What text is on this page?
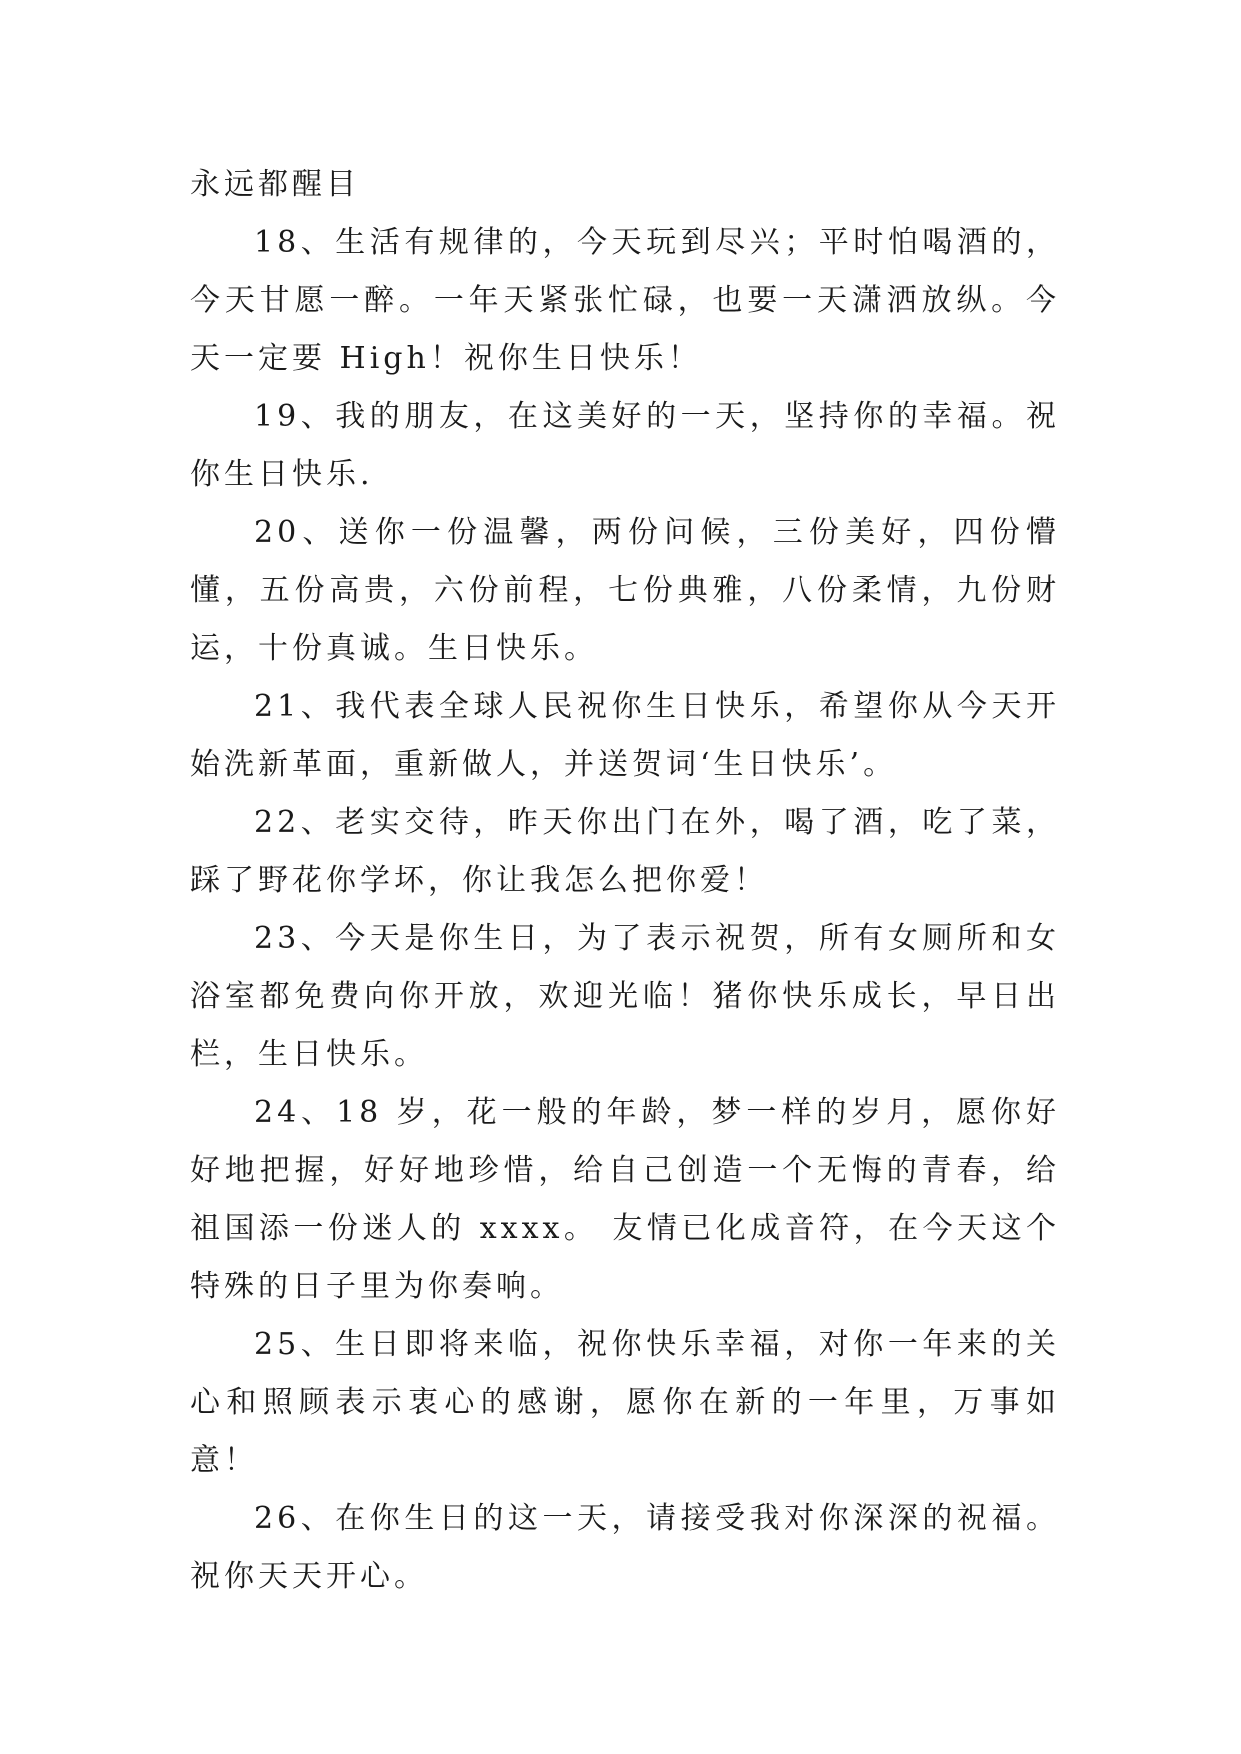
永远都醒目

18、生活有规律的，今天玩到尽兴；平时怕喝酒的，今天甘愿一醉。一年天紧张忙碌，也要一天潇洒放纵。今天一定要 High！祝你生日快乐！

19、我的朋友，在这美好的一天，坚持你的幸福。祝你生日快乐.

20、送你一份温馨，两份问候，三份美好，四份懵懂，五份高贵，六份前程，七份典雅，八份柔情，九份财运，十份真诚。生日快乐。

21、我代表全球人民祝你生日快乐，希望你从今天开始洗新革面，重新做人，并送贺词‘生日快乐’。

22、老实交待，昨天你出门在外，喝了酒，吃了菜，踩了野花你学坏，你让我怎么把你爱！

23、今天是你生日，为了表示祝贺，所有女厕所和女浴室都免费向你开放，欢迎光临！猪你快乐成长，早日出栏，生日快乐。

24、18 岁，花一般的年龄，梦一样的岁月，愿你好好地把握，好好地珍惜，给自己创造一个无悔的青春，给祖国添一份迷人的 xxxx。 友情已化成音符，在今天这个特殊的日子里为你奏响。

25、生日即将来临，祝你快乐幸福，对你一年来的关心和照顾表示衷心的感谢，愿你在新的一年里，万事如意！

26、在你生日的这一天，请接受我对你深深的祝福。祝你天天开心。
